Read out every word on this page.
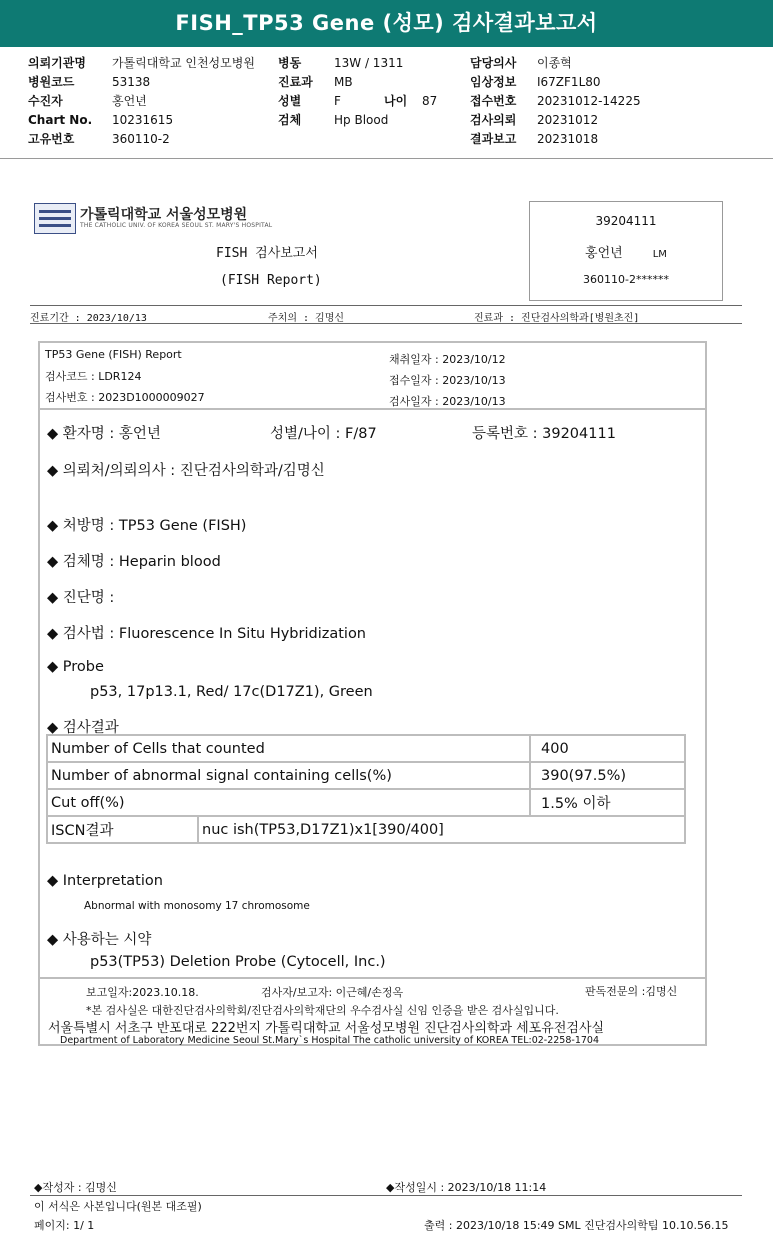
FISH_TP53 Gene (성모) 검사결과보고서
의뢰기관명 가톨릭대학교 인천성모병원
병원코드	53138
수진자	홍언년
Chart No. 10231615
고유번호	360110-2
병동	13W / 1311
진료과 MB
성별	F	나이 87
검체	Hp Blood
담당의사 이종혁
임상정보 I67ZF1L80
접수번호 20231012-14225
검사의뢰 20231012
결과보고 20231018
가톨릭대학교 서울성모병원
THE CATHOLIC UNIV. OF KOREA SEOUL ST. MARY'S HOSPITAL
FISH 검사보고서
(FISH Report)
39204111
홍언년	LM
360110-2******
진료기간 : 2023/10/13	주치의 : 김명신	진료과 : 진단검사의학과[병원초진]
TP53 Gene (FISH) Report
검사코드 : LDR124
검사번호 : 2023D1000009027
채취일자 : 2023/10/12
접수일자 : 2023/10/13
검사일자 : 2023/10/13
◆ 환자명 : 홍언년	성별/나이 : F/87	등록번호 : 39204111
◆ 의뢰처/의뢰의사 : 진단검사의학과/김명신
◆ 처방명 : TP53 Gene (FISH)
◆ 검체명 : Heparin blood
◆ 진단명 :
◆ 검사법 : Fluorescence In Situ Hybridization
◆ Probe
p53, 17p13.1, Red/ 17c(D17Z1), Green
◆ 검사결과
Number of Cells that counted		400
Number of abnormal signal containing cells(%)		390(97.5%)
Cut off(%)		1.5% 이하
ISCN결과	nuc ish(TP53,D17Z1)x1[390/400]	
◆ Interpretation
Abnormal with monosomy 17 chromosome
◆ 사용하는 시약
p53(TP53) Deletion Probe (Cytocell, Inc.)
보고일자:2023.10.18.	검사자/보고자: 이근혜/손정옥	판독전문의 :김명신
*본 검사실은 대한진단검사의학회/진단검사의학재단의 우수검사실 신임 인증을 받은 검사실입니다.
서울특별시 서초구 반포대로 222번지 가톨릭대학교 서울성모병원 진단검사의학과 세포유전검사실
Department of Laboratory Medicine Seoul St.Mary`s Hospital The catholic university of KOREA TEL:02-2258-1704
◆작성자 : 김명신	◆작성일시 : 2023/10/18 11:14
이 서식은 사본입니다(원본 대조필)
페이지: 1/ 1	출력 : 2023/10/18 15:49 SML 진단검사의학팀 10.10.56.15
